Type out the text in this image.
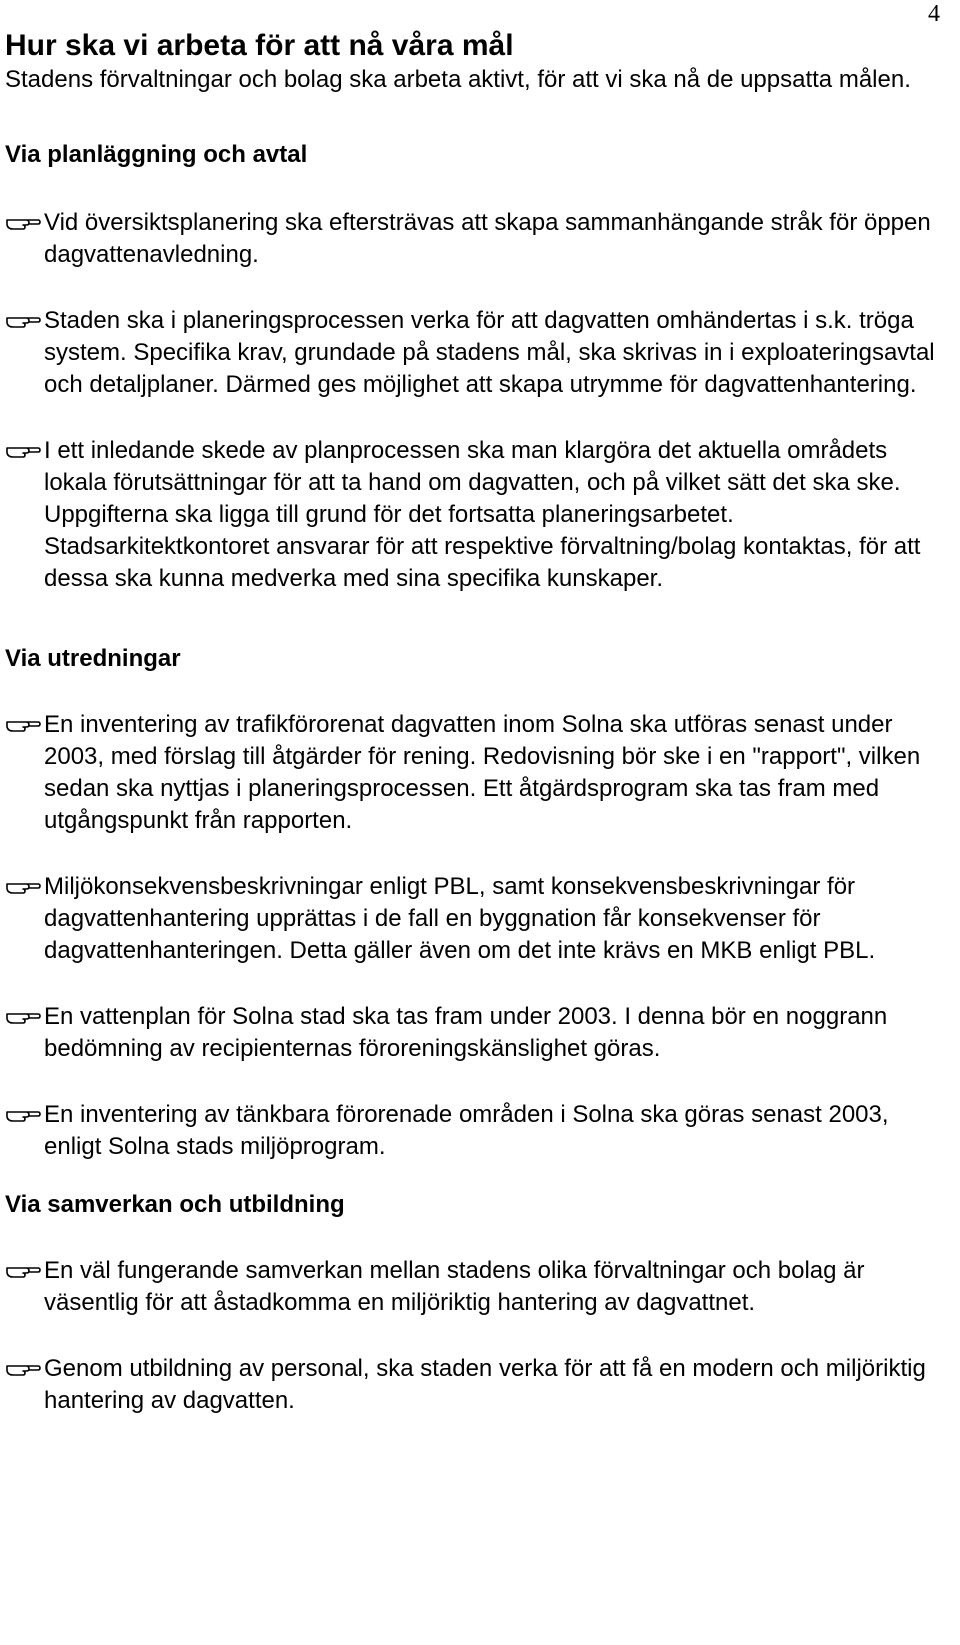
4
Hur ska vi arbeta för att nå våra mål

Stadens förvaltningar och bolag ska arbeta aktivt, för att vi ska nå de uppsatta målen.

Via planläggning och avtal

Vid översiktsplanering ska eftersträvas att skapa sammanhängande stråk för öppen dagvattenavledning.
Staden ska i planeringsprocessen verka för att dagvatten omhändertas i s.k. tröga system. Specifika krav, grundade på stadens mål, ska skrivas in i exploateringsavtal och detaljplaner. Därmed ges möjlighet att skapa utrymme för dagvattenhantering.
I ett inledande skede av planprocessen ska man klargöra det aktuella områdets lokala förutsättningar för att ta hand om dagvatten, och på vilket sätt det ska ske. Uppgifterna ska ligga till grund för det fortsatta planeringsarbetet. Stadsarkitektkontoret ansvarar för att respektive förvaltning/bolag kontaktas, för att dessa ska kunna medverka med sina specifika kunskaper.

Via utredningar

En inventering av trafikförorenat dagvatten inom Solna ska utföras senast under 2003, med förslag till åtgärder för rening. Redovisning bör ske i en "rapport", vilken sedan ska nyttjas i planeringsprocessen. Ett åtgärdsprogram ska tas fram med utgångspunkt från rapporten.
Miljökonsekvensbeskrivningar enligt PBL, samt konsekvensbeskrivningar för dagvattenhantering upprättas i de fall en byggnation får konsekvenser för dagvattenhanteringen. Detta gäller även om det inte krävs en MKB enligt PBL.
En vattenplan för Solna stad ska tas fram under 2003. I denna bör en noggrann bedömning av recipienternas föroreningskänslighet göras.
En inventering av tänkbara förorenade områden i Solna ska göras senast 2003, enligt Solna stads miljöprogram.

Via samverkan och utbildning

En väl fungerande samverkan mellan stadens olika förvaltningar och bolag är väsentlig för att åstadkomma en miljöriktig hantering av dagvattnet.
Genom utbildning av personal, ska staden verka för att få en modern och miljöriktig hantering av dagvatten.
